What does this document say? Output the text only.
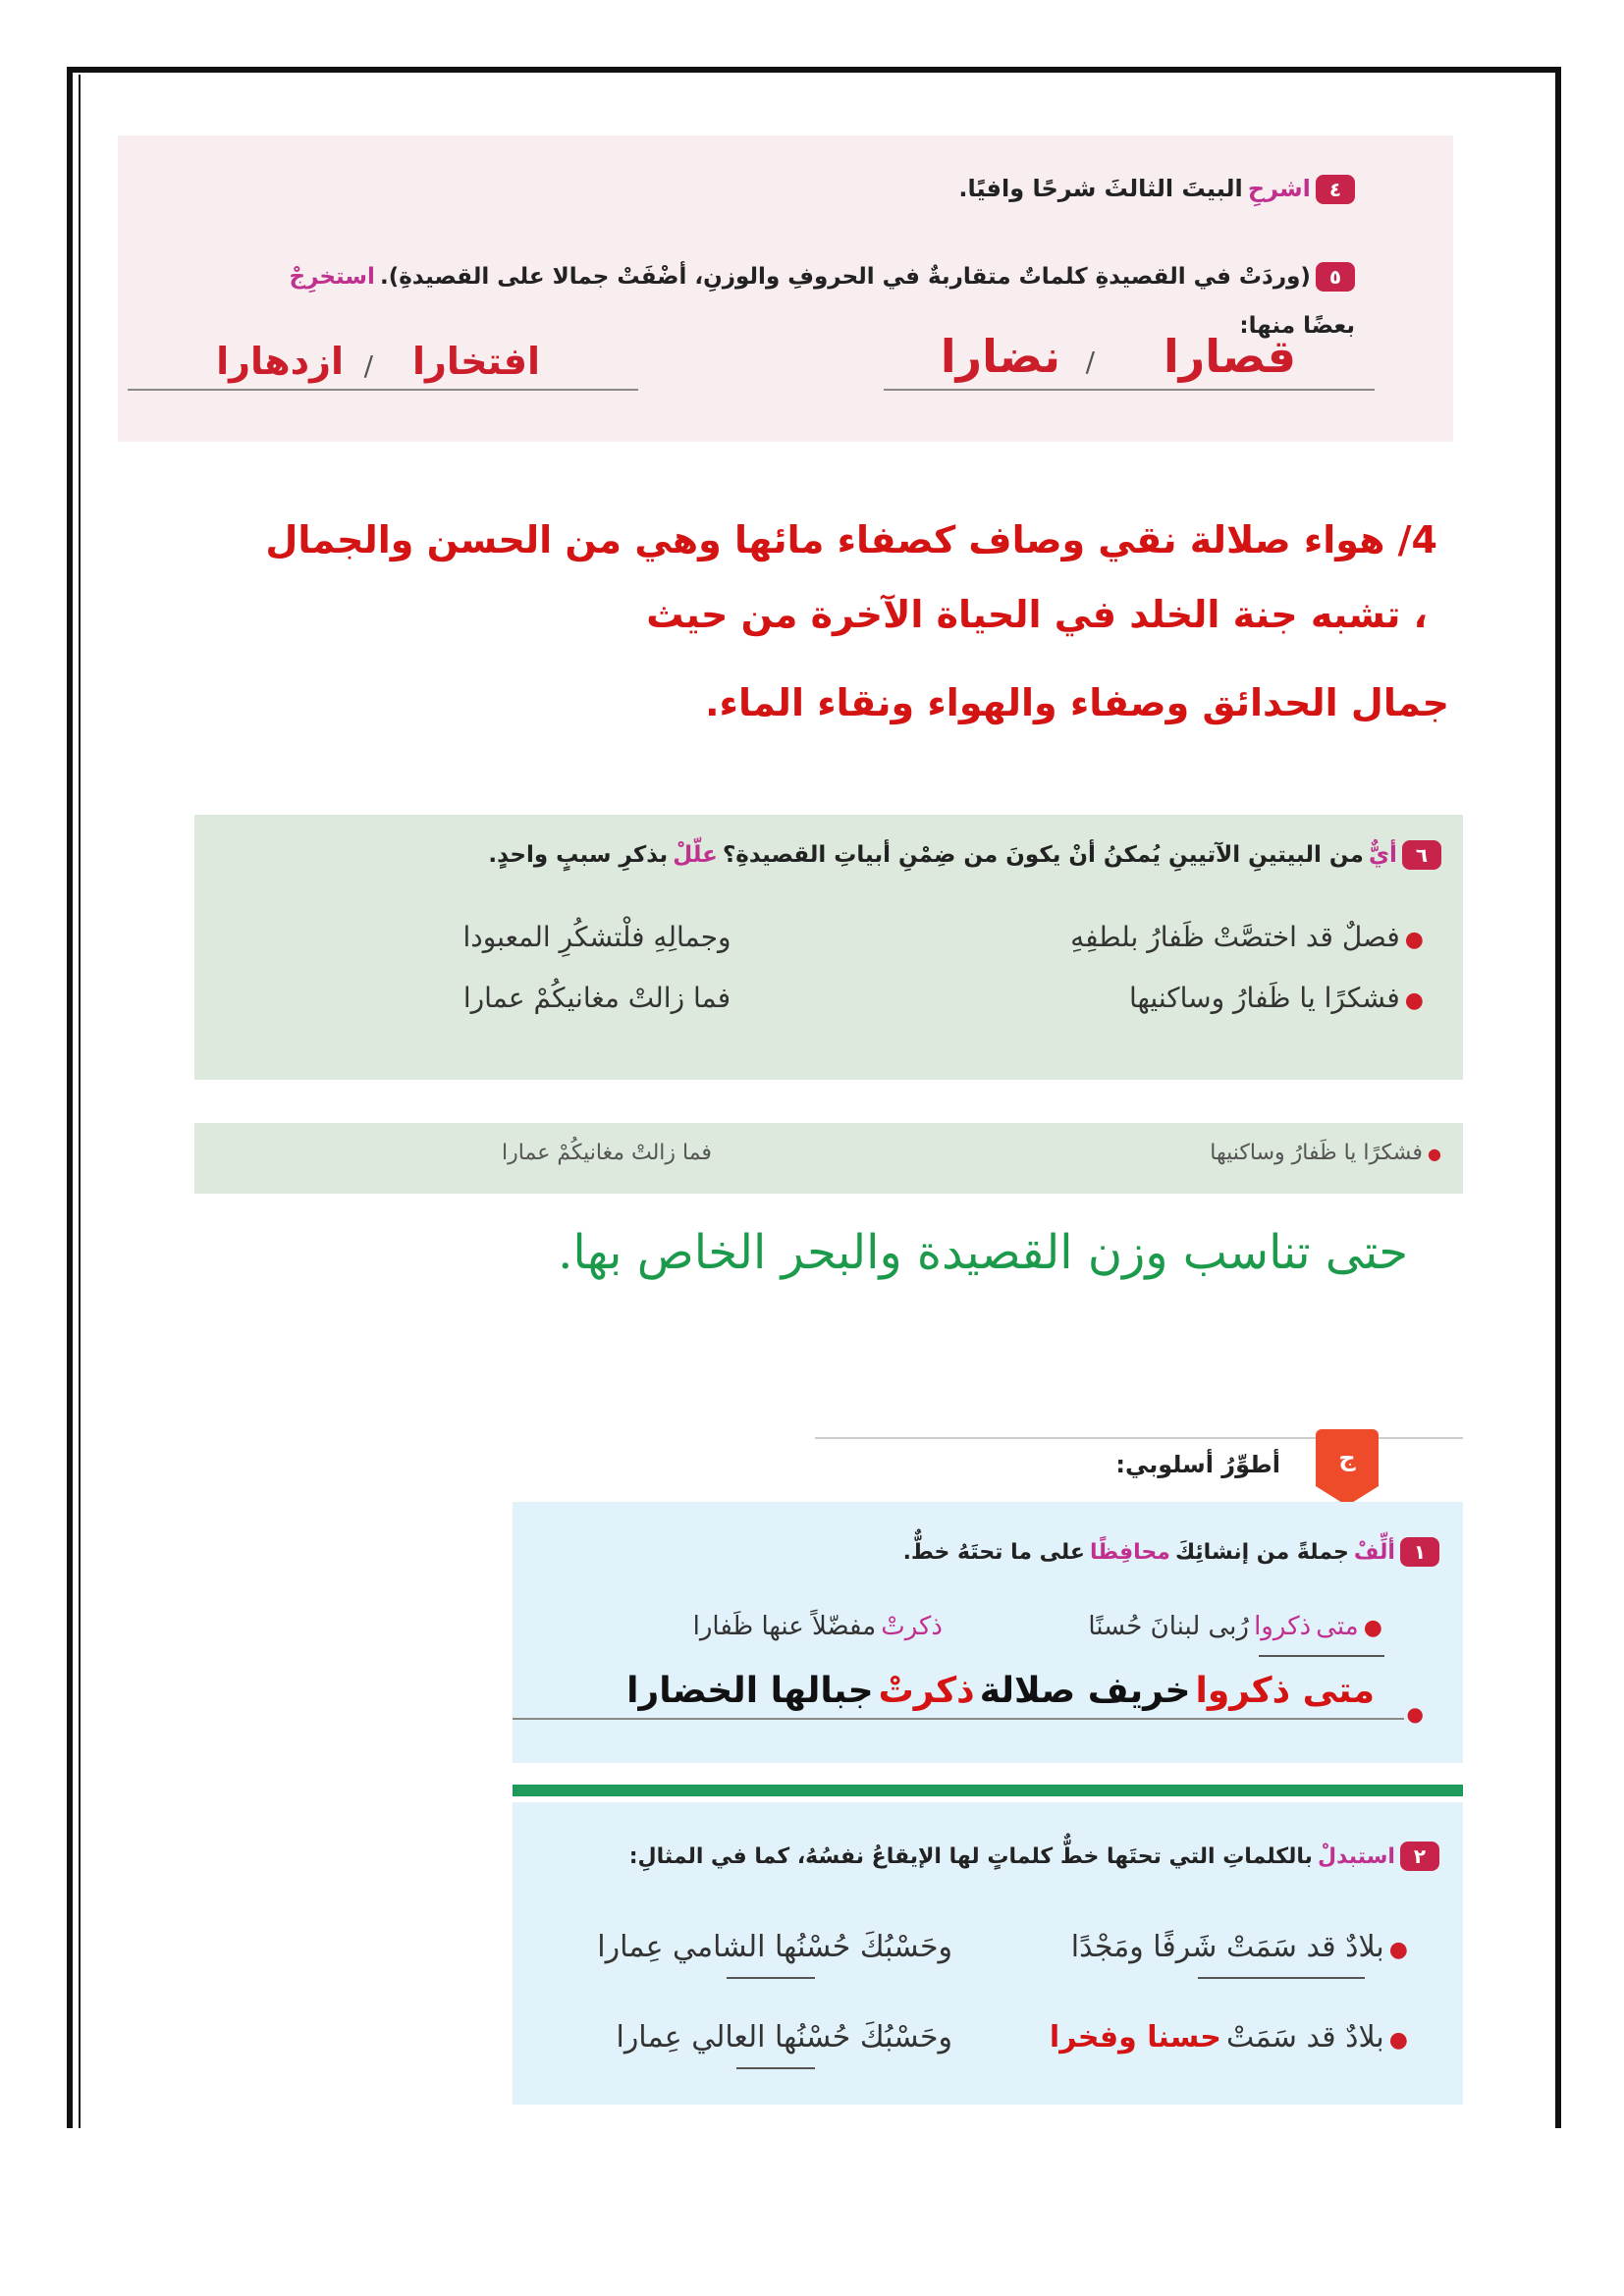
٤ اشرحِ البيتَ الثالثَ شرحًا وافيًا.
٥ (وردَتْ في القصيدةِ كلماتٌ متقاربةٌ في الحروفِ والوزنِ، أضْفَتْ جمالا على القصيدةِ). استخرِجْ
بعضًا منها:
قصارا
/
نضارا
افتخارا
/
ازدهارا
4/ هواء صلالة نقي وصاف كصفاء مائها وهي من الحسن والجمال
، تشبه جنة الخلد في الحياة الآخرة من حيث
جمال الحدائق وصفاء والهواء ونقاء الماء.
٦ أيٌّ من البيتينِ الآتيينِ يُمكنُ أنْ يكونَ من ضِمْنِ أبياتِ القصيدةِ؟ علّلْ بذكرِ سببٍ واحدٍ.
فصلٌ قد اختصَّتْ ظَفارُ بلطفِهِ ●
وجمالِهِ فلْتشكُرِ المعبودا
فشكرًا يا ظَفارُ وساكنيها ●
فما زالتْ مغانيكُمْ عمارا
فشكرًا يا ظَفارُ وساكنيها ●
فما زالتْ مغانيكُمْ عمارا
حتى تناسب وزن القصيدة والبحر الخاص بها.
ج
أطوِّرُ أسلوبي:
١ ألِّفْ جملةً من إنشائِكَ محافِظًا على ما تحتَهُ خطٌّ.
● متى ذكروا رُبى لبنانَ حُسنًا
ذكرتْ مفضّلاً عنها ظَفارا
متى ذكروا خريف صلالة ذكرتْ جبالها الخضارا
●
٢ استبدلْ بالكلماتِ التي تحتَها خطٌّ كلماتٍ لها الإيقاعُ نفسُهُ، كما في المثالِ:
● بلادٌ قد سَمَتْ شَرفًا ومَجْدًا
وحَسْبُكَ حُسْنُها الشامي عِمارا
● بلادٌ قد سَمَتْ حسنا وفخرا
وحَسْبُكَ حُسْنُها العالي عِمارا
